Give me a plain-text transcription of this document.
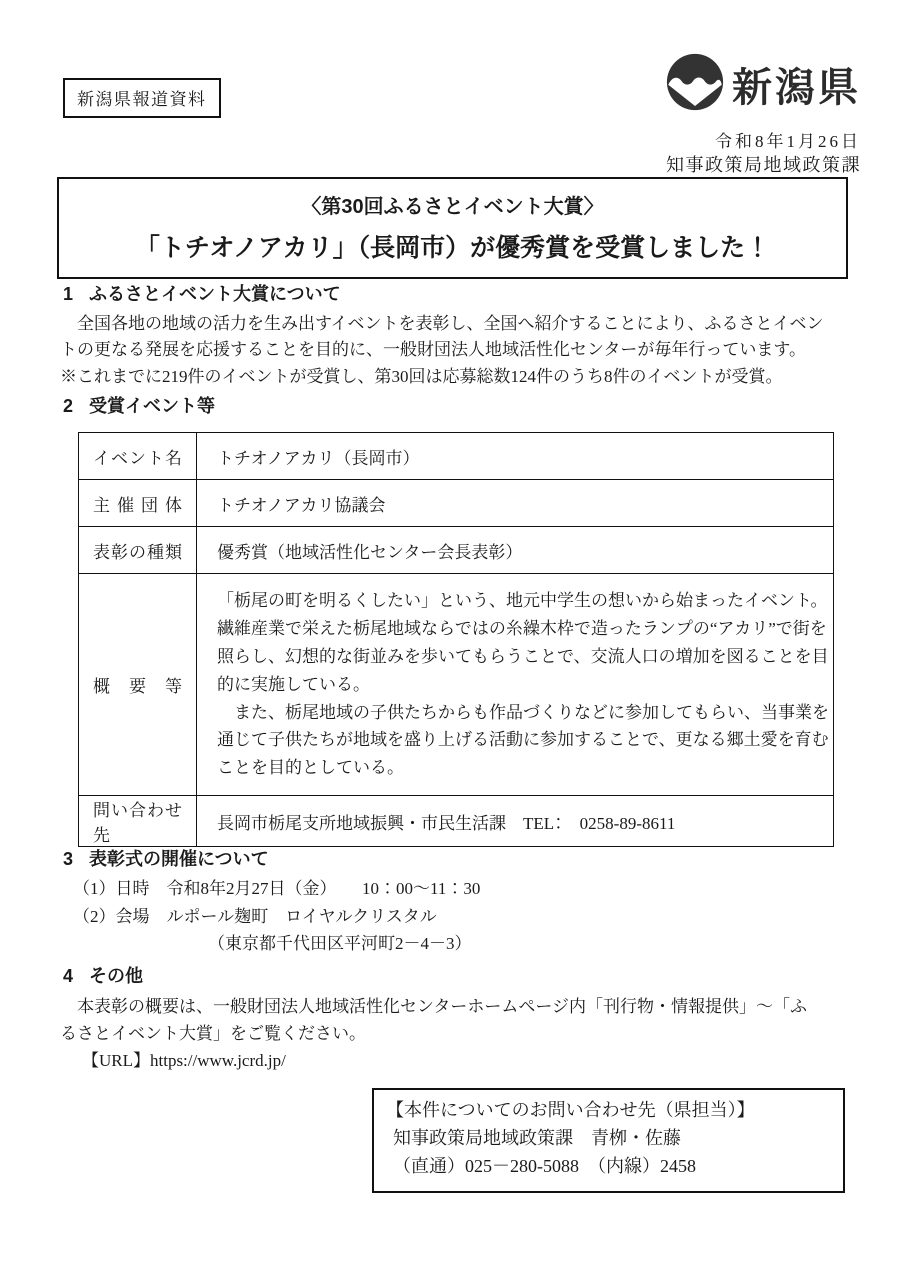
新潟県報道資料	新潟県
令和8年1月26日
知事政策局地域政策課
〈第30回ふるさとイベント大賞〉
「トチオノアカリ」（長岡市）が優秀賞を受賞しました！
1 ふるさとイベント大賞について
　全国各地の地域の活力を生み出すイベントを表彰し、全国へ紹介することにより、ふるさとイベントの更なる発展を応援することを目的に、一般財団法人地域活性化センターが毎年行っています。
※これまでに219件のイベントが受賞し、第30回は応募総数124件のうち8件のイベントが受賞。
2 受賞イベント等
イベント名	トチオノアカリ（長岡市）
主催団体	トチオノアカリ協議会
表彰の種類	優秀賞（地域活性化センター会長表彰）
概要等	「栃尾の町を明るくしたい」という、地元中学生の想いから始まったイベント。繊維産業で栄えた栃尾地域ならではの糸繰木枠で造ったランプの“アカリ”で街を照らし、幻想的な街並みを歩いてもらうことで、交流人口の増加を図ることを目的に実施している。

　また、栃尾地域の子供たちからも作品づくりなどに参加してもらい、当事業を通じて子供たちが地域を盛り上げる活動に参加することで、更なる郷土愛を育むことを目的としている。

問い合わせ先	長岡市栃尾支所地域振興・市民生活課　TEL：　0258-89-8611
3 表彰式の開催について
（1）日時　令和8年2月27日（金）　　10：00～11：30
（2）会場　ルポール麹町　ロイヤルクリスタル
（東京都千代田区平河町2－4－3）
4 その他
　本表彰の概要は、一般財団法人地域活性化センターホームページ内「刊行物・情報提供」～「ふるさとイベント大賞」をご覧ください。
【URL】https://www.jcrd.jp/
【本件についてのお問い合わせ先（県担当）】
知事政策局地域政策課　青栁・佐藤
（直通）025－280-5088　（内線）2458
